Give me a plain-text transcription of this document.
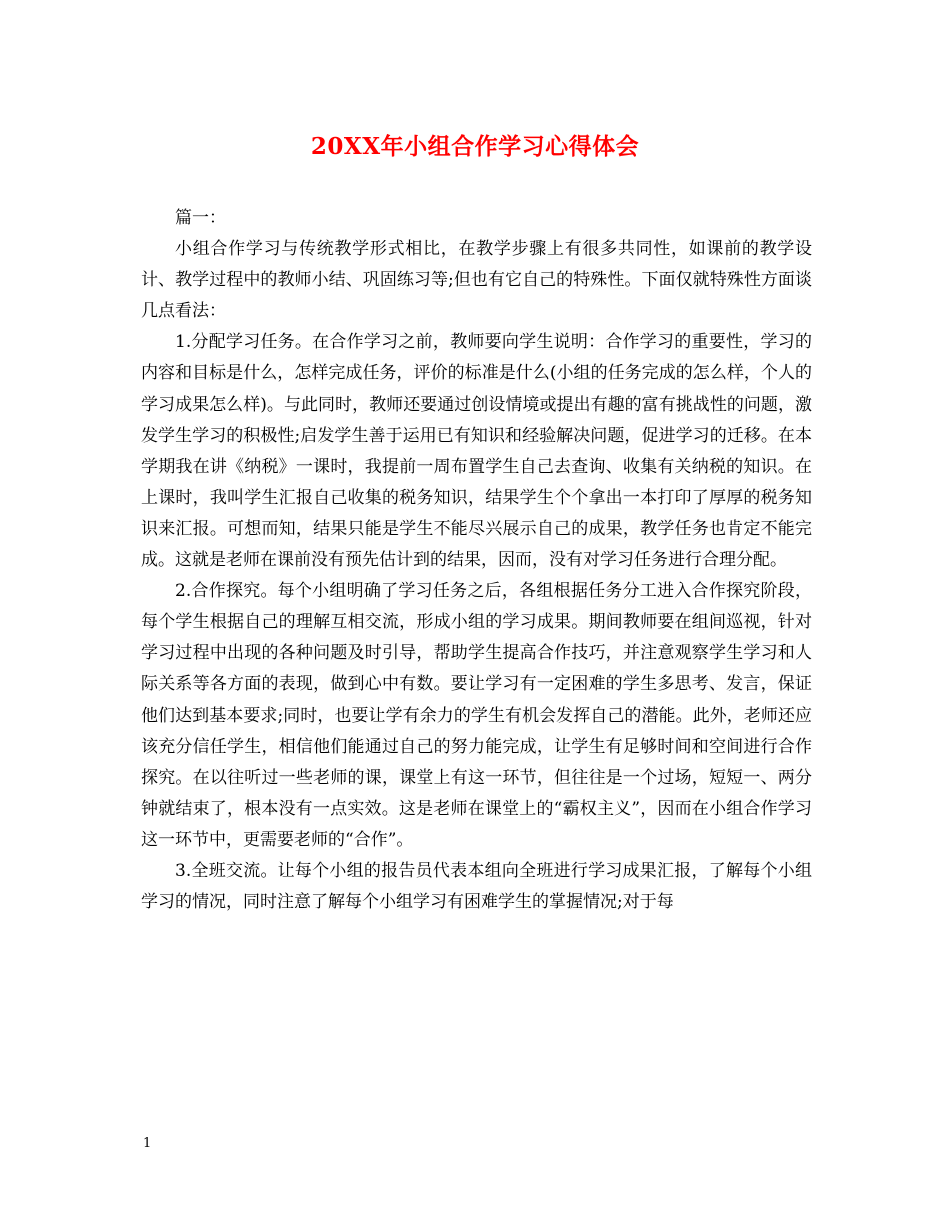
20XX年小组合作学习心得体会

篇一：

小组合作学习与传统教学形式相比，在教学步骤上有很多共同性，如课前的教学设计、教学过程中的教师小结、巩固练习等;但也有它自己的特殊性。下面仅就特殊性方面谈几点看法：

1.分配学习任务。在合作学习之前，教师要向学生说明：合作学习的重要性，学习的内容和目标是什么，怎样完成任务，评价的标准是什么(小组的任务完成的怎么样，个人的学习成果怎么样)。与此同时，教师还要通过创设情境或提出有趣的富有挑战性的问题，激发学生学习的积极性;启发学生善于运用已有知识和经验解决问题，促进学习的迁移。在本学期我在讲《纳税》一课时，我提前一周布置学生自己去查询、收集有关纳税的知识。在上课时，我叫学生汇报自己收集的税务知识，结果学生个个拿出一本打印了厚厚的税务知识来汇报。可想而知，结果只能是学生不能尽兴展示自己的成果，教学任务也肯定不能完成。这就是老师在课前没有预先估计到的结果，因而，没有对学习任务进行合理分配。

2.合作探究。每个小组明确了学习任务之后，各组根据任务分工进入合作探究阶段，每个学生根据自己的理解互相交流，形成小组的学习成果。期间教师要在组间巡视，针对学习过程中出现的各种问题及时引导，帮助学生提高合作技巧，并注意观察学生学习和人际关系等各方面的表现，做到心中有数。要让学习有一定困难的学生多思考、发言，保证他们达到基本要求;同时，也要让学有余力的学生有机会发挥自己的潜能。此外，老师还应该充分信任学生，相信他们能通过自己的努力能完成，让学生有足够时间和空间进行合作探究。在以往听过一些老师的课，课堂上有这一环节，但往往是一个过场，短短一、两分钟就结束了，根本没有一点实效。这是老师在课堂上的“霸权主义”，因而在小组合作学习这一环节中，更需要老师的“合作”。

3.全班交流。让每个小组的报告员代表本组向全班进行学习成果汇报，了解每个小组学习的情况，同时注意了解每个小组学习有困难学生的掌握情况;对于每

1
